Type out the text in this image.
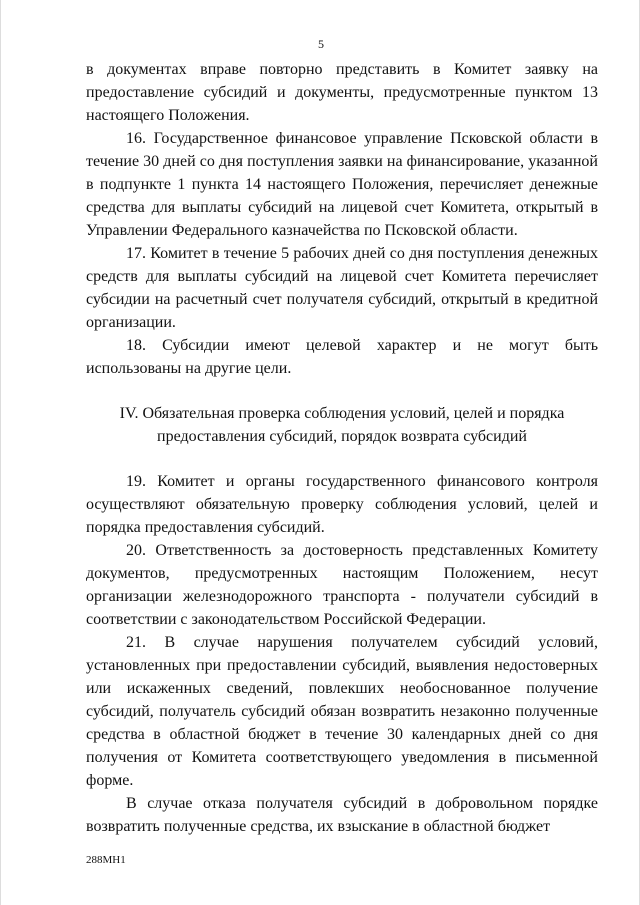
5

в документах вправе повторно представить в Комитет заявку на предоставление субсидий и документы, предусмотренные пунктом 13 настоящего Положения.

16. Государственное финансовое управление Псковской области в течение 30 дней со дня поступления заявки на финансирование, указанной в подпункте 1 пункта 14 настоящего Положения, перечисляет денежные средства для выплаты субсидий на лицевой счет Комитета, открытый в Управлении Федерального казначейства по Псковской области.

17. Комитет в течение 5 рабочих дней со дня поступления денежных средств для выплаты субсидий на лицевой счет Комитета перечисляет субсидии на расчетный счет получателя субсидий, открытый в кредитной организации.

18. Субсидии имеют целевой характер и не могут быть использованы на другие цели.

IV. Обязательная проверка соблюдения условий, целей и порядка
предоставления субсидий, порядок возврата субсидий

19. Комитет и органы государственного финансового контроля осуществляют обязательную проверку соблюдения условий, целей и порядка предоставления субсидий.

20. Ответственность за достоверность представленных Комитету документов, предусмотренных настоящим Положением, несут организации железнодорожного транспорта - получатели субсидий в соответствии с законодательством Российской Федерации.

21. В случае нарушения получателем субсидий условий, установленных при предоставлении субсидий, выявления недостоверных или искаженных сведений, повлекших необоснованное получение субсидий, получатель субсидий обязан возвратить незаконно полученные средства в областной бюджет в течение 30 календарных дней со дня получения от Комитета соответствующего уведомления в письменной форме.

В случае отказа получателя субсидий в добровольном порядке возвратить полученные средства, их взыскание в областной бюджет

288МН1
